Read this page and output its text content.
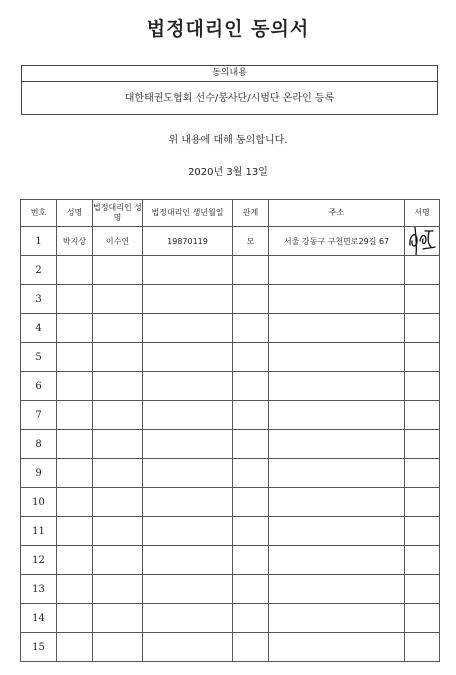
법정대리인 동의서
동의내용
대한태권도협회 선수/봉사단/시범단 온라인 등록
위 내용에 대해 동의합니다.
2020년 3월 13일
번호	성명	법정대리인 성명	법정대리인 생년월일	관계	주소	서명
1	박지상	이수연	19870119	모	서울 강동구 구천면로29길 67	

2						
3						
4						
5						
6						
7						
8						
9						
10						
11						
12						
13						
14						
15						
